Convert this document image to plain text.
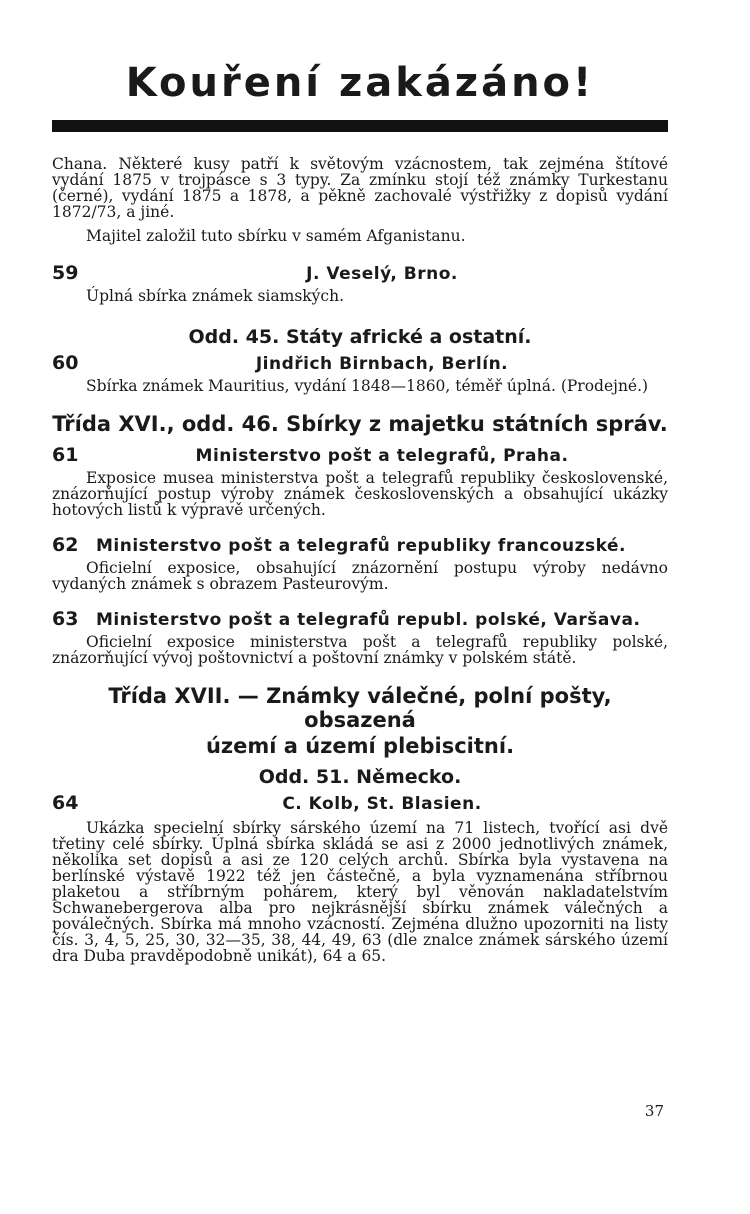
Kouření zakázáno!

Chana. Některé kusy patří k světovým vzácnostem, tak zejména štítové vydání 1875 v trojpásce s 3 typy. Za zmínku stojí též známky Turkestanu (černé), vydání 1875 a 1878, a pěkně zachovalé výstřižky z dopisů vydání 1872/73, a jiné.

Majitel založil tuto sbírku v samém Afganistanu.

59	J. Veselý, Brno.

Úplná sbírka známek siamských.

Odd. 45. Státy africké a ostatní.
60	Jindřich Birnbach, Berlín.

Sbírka známek Mauritius, vydání 1848—1860, téměř úplná. (Prodejné.)

Třída XVI., odd. 46. Sbírky z majetku státních správ.
61	Ministerstvo pošt a telegrafů, Praha.

Exposice musea ministerstva pošt a telegrafů republiky československé, znázorňující postup výroby známek československých a obsahující ukázky hotových listů k výpravě určených.

62	Ministerstvo pošt a telegrafů republiky francouzské.

Oficielní exposice, obsahující znázornění postupu výroby nedávno vydaných známek s obrazem Pasteurovým.

63	Ministerstvo pošt a telegrafů republ. polské, Varšava.

Oficielní exposice ministerstva pošt a telegrafů republiky polské, znázorňující vývoj poštovnictví a poštovní známky v polském státě.

Třída XVII. — Známky válečné, polní pošty, obsazená
území a území plebiscitní.
Odd. 51. Německo.
64	C. Kolb, St. Blasien.

Ukázka specielní sbírky sárského území na 71 listech, tvořící asi dvě třetiny celé sbírky. Úplná sbírka skládá se asi z 2000 jednotlivých známek, několika set dopisů a asi ze 120 celých archů. Sbírka byla vystavena na berlínské výstavě 1922 též jen částečně, a byla vyznamenána stříbrnou plaketou a stříbrným pohárem, který byl věnován nakladatelstvím Schwanebergerova alba pro nejkrásnější sbírku známek válečných a poválečných. Sbírka má mnoho vzácností. Zejména dlužno upozorniti na listy čís. 3, 4, 5, 25, 30, 32—35, 38, 44, 49, 63 (dle znalce známek sárského území dra Duba pravděpodobně unikát), 64 a 65.

37
